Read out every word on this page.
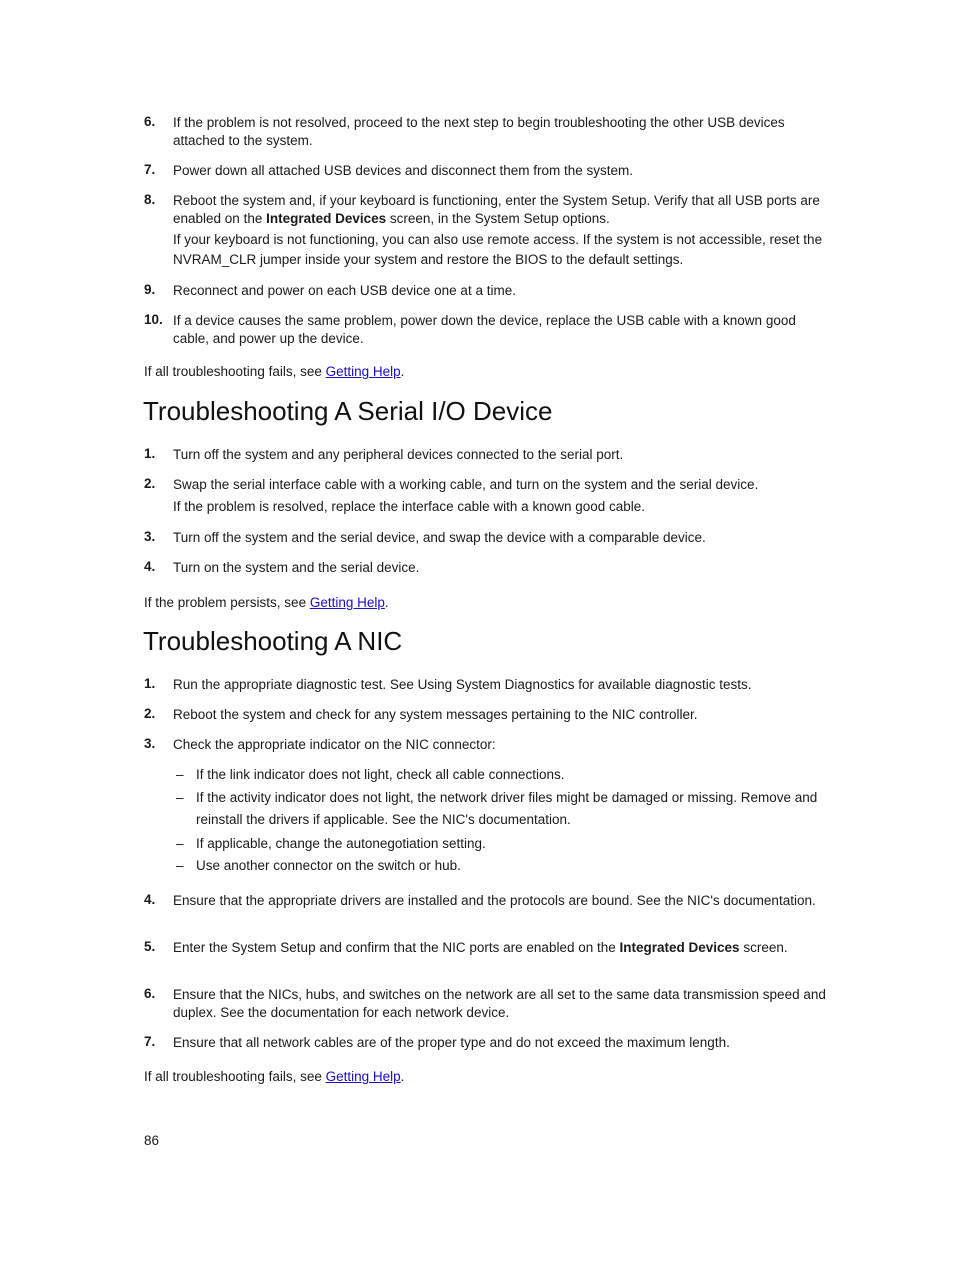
6. If the problem is not resolved, proceed to the next step to begin troubleshooting the other USB devices attached to the system.
7. Power down all attached USB devices and disconnect them from the system.
8. Reboot the system and, if your keyboard is functioning, enter the System Setup. Verify that all USB ports are enabled on the Integrated Devices screen, in the System Setup options.
If your keyboard is not functioning, you can also use remote access. If the system is not accessible, reset the NVRAM_CLR jumper inside your system and restore the BIOS to the default settings.
9. Reconnect and power on each USB device one at a time.
10. If a device causes the same problem, power down the device, replace the USB cable with a known good cable, and power up the device.
If all troubleshooting fails, see Getting Help.
Troubleshooting A Serial I/O Device
1. Turn off the system and any peripheral devices connected to the serial port.
2. Swap the serial interface cable with a working cable, and turn on the system and the serial device.
If the problem is resolved, replace the interface cable with a known good cable.
3. Turn off the system and the serial device, and swap the device with a comparable device.
4. Turn on the system and the serial device.
If the problem persists, see Getting Help.
Troubleshooting A NIC
1. Run the appropriate diagnostic test. See Using System Diagnostics for available diagnostic tests.
2. Reboot the system and check for any system messages pertaining to the NIC controller.
3. Check the appropriate indicator on the NIC connector:
– If the link indicator does not light, check all cable connections.
– If the activity indicator does not light, the network driver files might be damaged or missing. Remove and reinstall the drivers if applicable. See the NIC's documentation.
– If applicable, change the autonegotiation setting.
– Use another connector on the switch or hub.
4. Ensure that the appropriate drivers are installed and the protocols are bound. See the NIC's documentation.
5. Enter the System Setup and confirm that the NIC ports are enabled on the Integrated Devices screen.
6. Ensure that the NICs, hubs, and switches on the network are all set to the same data transmission speed and duplex. See the documentation for each network device.
7. Ensure that all network cables are of the proper type and do not exceed the maximum length.
If all troubleshooting fails, see Getting Help.
86
